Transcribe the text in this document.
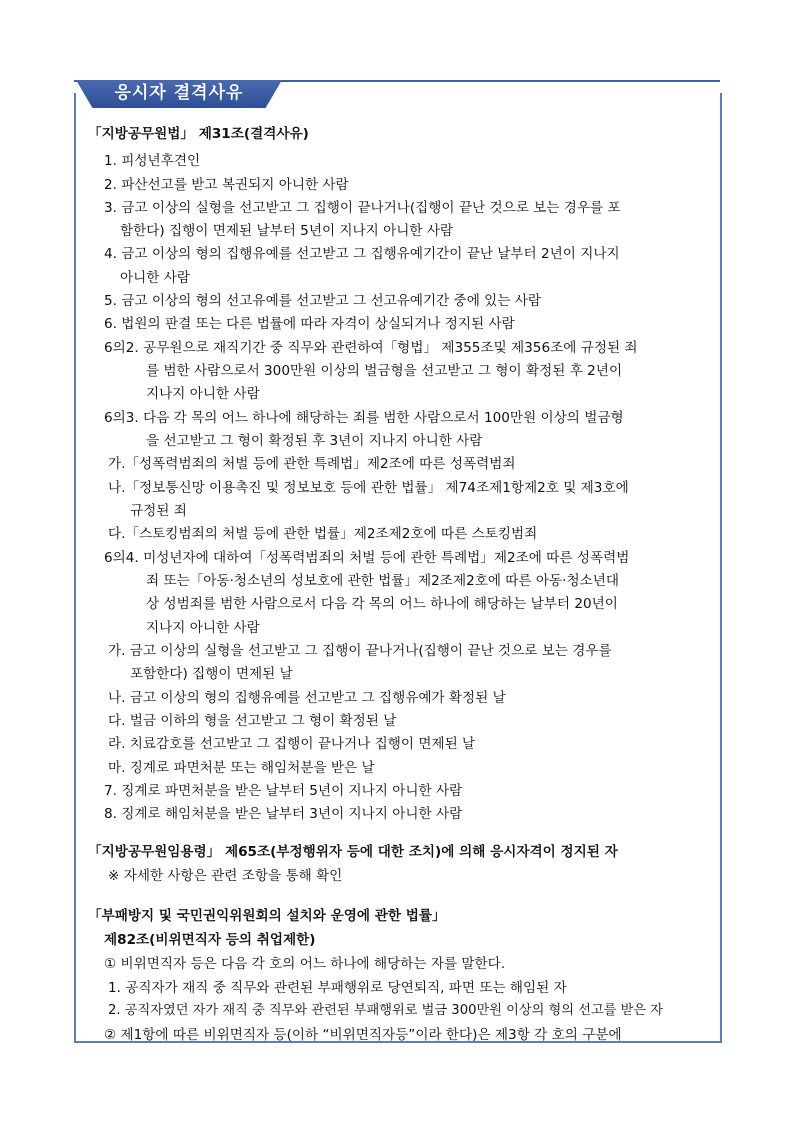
응시자 결격사유
「지방공무원법」 제31조(결격사유)
1. 피성년후견인
2. 파산선고를 받고 복권되지 아니한 사람
3. 금고 이상의 실형을 선고받고 그 집행이 끝나거나(집행이 끝난 것으로 보는 경우를 포
함한다) 집행이 면제된 날부터 5년이 지나지 아니한 사람
4. 금고 이상의 형의 집행유예를 선고받고 그 집행유예기간이 끝난 날부터 2년이 지나지
아니한 사람
5. 금고 이상의 형의 선고유예를 선고받고 그 선고유예기간 중에 있는 사람
6. 법원의 판결 또는 다른 법률에 따라 자격이 상실되거나 정지된 사람
6의2. 공무원으로 재직기간 중 직무와 관련하여「형법」 제355조및 제356조에 규정된 죄
를 범한 사람으로서 300만원 이상의 벌금형을 선고받고 그 형이 확정된 후 2년이
지나지 아니한 사람
6의3. 다음 각 목의 어느 하나에 해당하는 죄를 범한 사람으로서 100만원 이상의 벌금형
을 선고받고 그 형이 확정된 후 3년이 지나지 아니한 사람
가.「성폭력범죄의 처벌 등에 관한 특례법」제2조에 따른 성폭력범죄
나.「정보통신망 이용촉진 및 정보보호 등에 관한 법률」 제74조제1항제2호 및 제3호에
규정된 죄
다.「스토킹범죄의 처벌 등에 관한 법률」제2조제2호에 따른 스토킹범죄
6의4. 미성년자에 대하여「성폭력범죄의 처벌 등에 관한 특례법」제2조에 따른 성폭력범
죄 또는「아동·청소년의 성보호에 관한 법률」제2조제2호에 따른 아동·청소년대
상 성범죄를 범한 사람으로서 다음 각 목의 어느 하나에 해당하는 날부터 20년이
지나지 아니한 사람
가. 금고 이상의 실형을 선고받고 그 집행이 끝나거나(집행이 끝난 것으로 보는 경우를
포함한다) 집행이 면제된 날
나. 금고 이상의 형의 집행유예를 선고받고 그 집행유예가 확정된 날
다. 벌금 이하의 형을 선고받고 그 형이 확정된 날
라. 치료감호를 선고받고 그 집행이 끝나거나 집행이 면제된 날
마. 징계로 파면처분 또는 해임처분을 받은 날
7. 징계로 파면처분을 받은 날부터 5년이 지나지 아니한 사람
8. 징계로 해임처분을 받은 날부터 3년이 지나지 아니한 사람
「지방공무원임용령」 제65조(부정행위자 등에 대한 조치)에 의해 응시자격이 정지된 자
※ 자세한 사항은 관련 조항을 통해 확인
「부패방지 및 국민권익위원회의 설치와 운영에 관한 법률」
제82조(비위면직자 등의 취업제한)
① 비위면직자 등은 다음 각 호의 어느 하나에 해당하는 자를 말한다.
1. 공직자가 재직 중 직무와 관련된 부패행위로 당연퇴직, 파면 또는 해임된 자
2. 공직자였던 자가 재직 중 직무와 관련된 부패행위로 벌금 300만원 이상의 형의 선고를 받은 자
② 제1항에 따른 비위면직자 등(이하 “비위면직자등”이라 한다)은 제3항 각 호의 구분에
